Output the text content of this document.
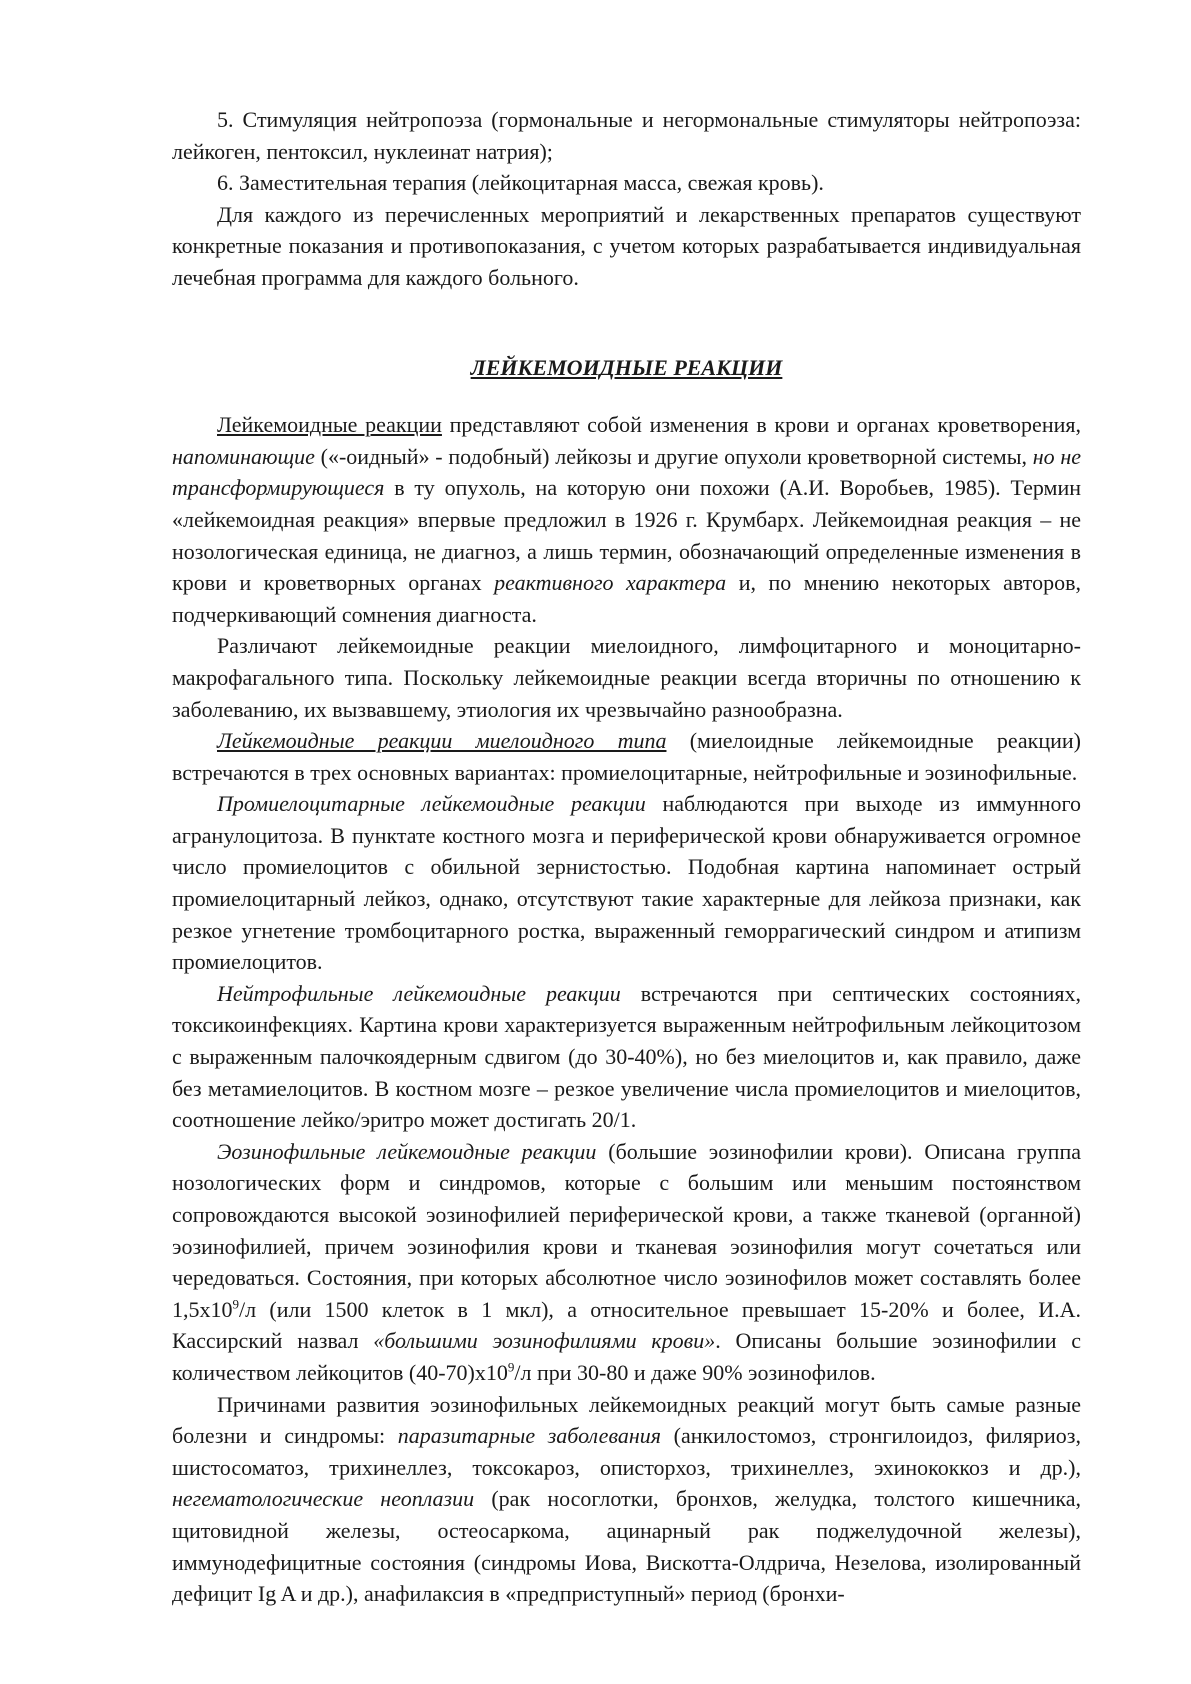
5. Стимуляция нейтропоэза (гормональные и негормональные стимуляторы нейтропоэза: лейкоген, пентоксил, нуклеинат натрия);

6. Заместительная терапия (лейкоцитарная масса, свежая кровь).

Для каждого из перечисленных мероприятий и лекарственных препаратов существуют конкретные показания и противопоказания, с учетом которых разрабатывается индивидуальная лечебная программа для каждого больного.

ЛЕЙКЕМОИДНЫЕ РЕАКЦИИ

Лейкемоидные реакции представляют собой изменения в крови и органах кроветворения, напоминающие («-оидный» - подобный) лейкозы и другие опухоли кроветворной системы, но не трансформирующиеся в ту опухоль, на которую они похожи (А.И. Воробьев, 1985). Термин «лейкемоидная реакция» впервые предложил в 1926 г. Крумбарх. Лейкемоидная реакция – не нозологическая единица, не диагноз, а лишь термин, обозначающий определенные изменения в крови и кроветворных органах реактивного характера и, по мнению некоторых авторов, подчеркивающий сомнения диагноста.

Различают лейкемоидные реакции миелоидного, лимфоцитарного и моноцитарно-макрофагального типа. Поскольку лейкемоидные реакции всегда вторичны по отношению к заболеванию, их вызвавшему, этиология их чрезвычайно разнообразна.

Лейкемоидные реакции миелоидного типа (миелоидные лейкемоидные реакции) встречаются в трех основных вариантах: промиелоцитарные, нейтрофильные и эозинофильные.

Промиелоцитарные лейкемоидные реакции наблюдаются при выходе из иммунного агранулоцитоза. В пунктате костного мозга и периферической крови обнаруживается огромное число промиелоцитов с обильной зернистостью. Подобная картина напоминает острый промиелоцитарный лейкоз, однако, отсутствуют такие характерные для лейкоза признаки, как резкое угнетение тромбоцитарного ростка, выраженный геморрагический синдром и атипизм промиелоцитов.

Нейтрофильные лейкемоидные реакции встречаются при септических состояниях, токсикоинфекциях. Картина крови характеризуется выраженным нейтрофильным лейкоцитозом с выраженным палочкоядерным сдвигом (до 30-40%), но без миелоцитов и, как правило, даже без метамиелоцитов. В костном мозге – резкое увеличение числа промиелоцитов и миелоцитов, соотношение лейко/эритро может достигать 20/1.

Эозинофильные лейкемоидные реакции (большие эозинофилии крови). Описана группа нозологических форм и синдромов, которые с большим или меньшим постоянством сопровождаются высокой эозинофилией периферической крови, а также тканевой (органной) эозинофилией, причем эозинофилия крови и тканевая эозинофилия могут сочетаться или чередоваться. Состояния, при которых абсолютное число эозинофилов может составлять более $1,5х10^9/л$ (или 1500 клеток в 1 мкл), а относительное превышает 15-20% и более, И.А. Кассирский назвал «большими эозинофилиями крови». Описаны большие эозинофилии с количеством лейкоцитов $(40-70)х10^9/л$ при 30-80 и даже 90% эозинофилов.

Причинами развития эозинофильных лейкемоидных реакций могут быть самые разные болезни и синдромы: паразитарные заболевания (анкилостомоз, стронгилоидоз, филяриоз, шистосоматоз, трихинеллез, токсокароз, описторхоз, трихинеллез, эхинококкоз и др.), негематологические неоплазии (рак носоглотки, бронхов, желудка, толстого кишечника, щитовидной железы, остеосаркома, ацинарный рак поджелудочной железы), иммунодефицитные состояния (синдромы Иова, Вискотта-Олдрича, Незелова, изолированный дефицит Ig A и др.), анафилаксия в «предприступный» период (бронхи-
